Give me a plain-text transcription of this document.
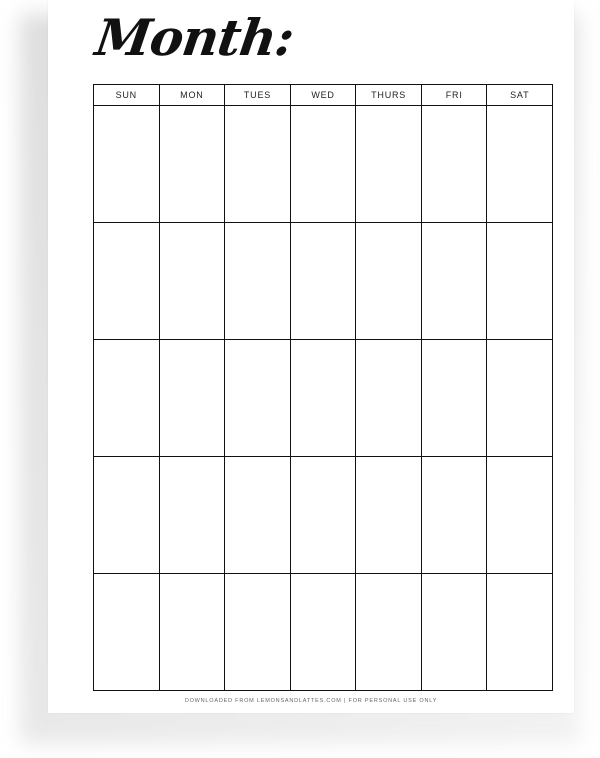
Month:
SUN	MON	TUES	WED	THURS	FRI	SAT
DOWNLOADED FROM LEMONSANDLATTES.COM | FOR PERSONAL USE ONLY
